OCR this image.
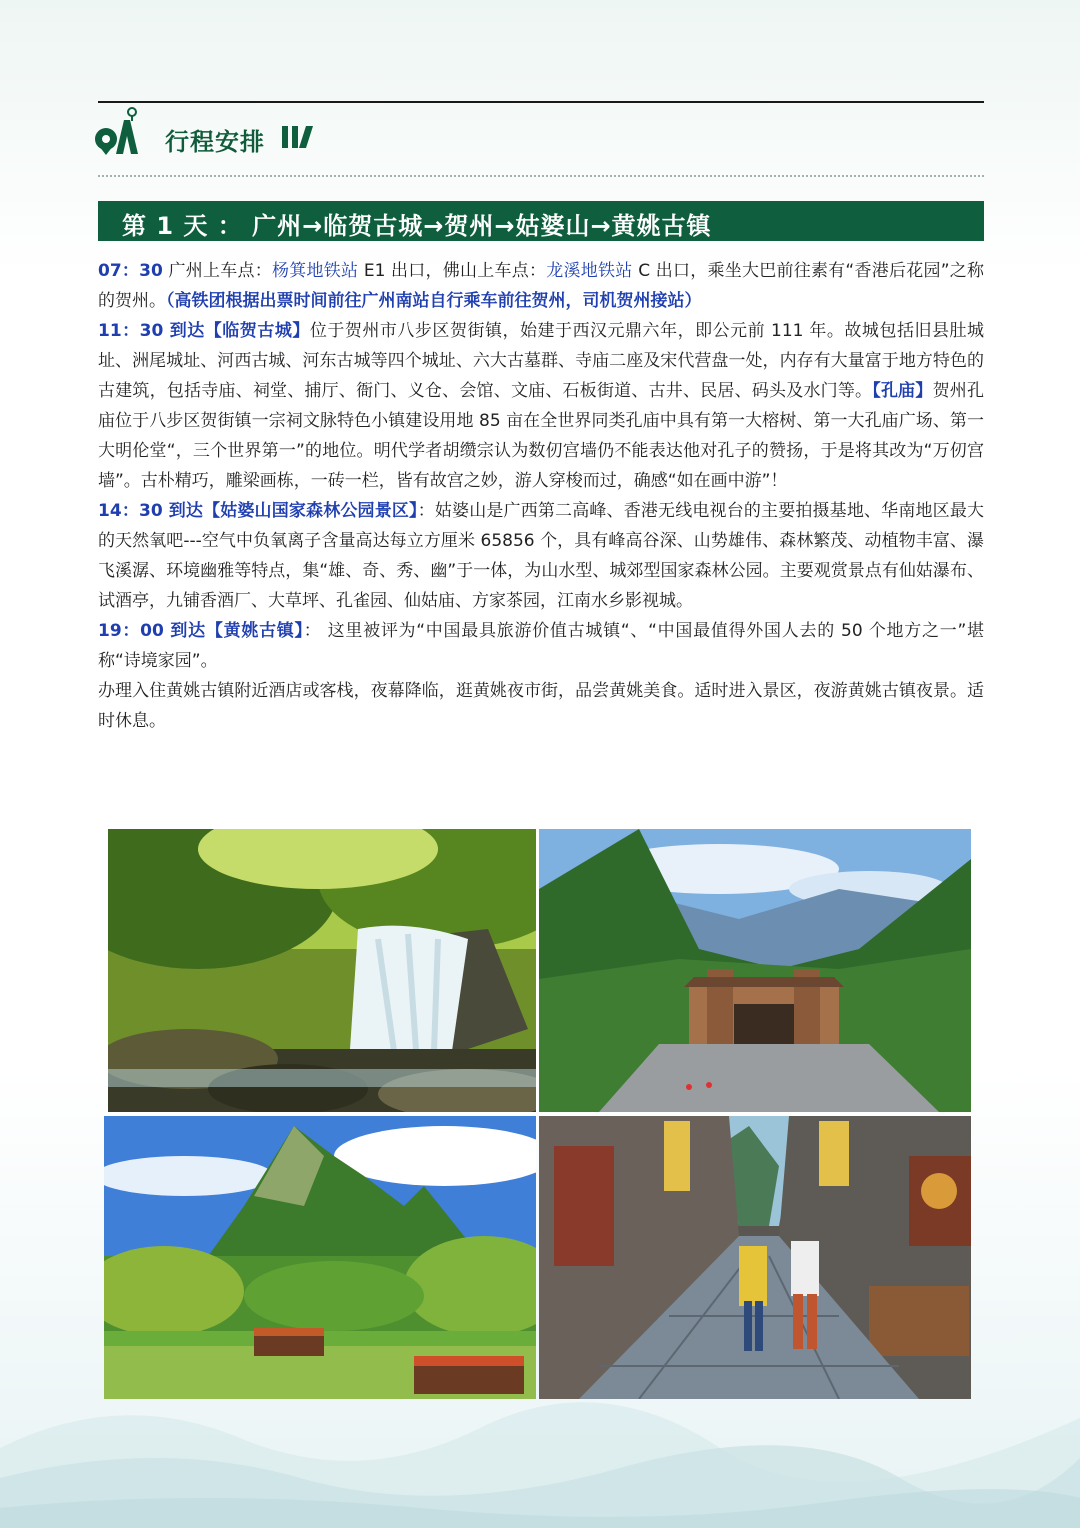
行程安排
第 1 天 ： 广州→临贺古城→贺州→姑婆山→黄姚古镇

07：30 广州上车点：杨箕地铁站 E1 出口，佛山上车点：龙溪地铁站 C 出口，乘坐大巴前往素有“香港后花园”之称的贺州。（高铁团根据出票时间前往广州南站自行乘车前往贺州，司机贺州接站）

11：30 到达【临贺古城】位于贺州市八步区贺街镇，始建于西汉元鼎六年，即公元前 111 年。故城包括旧县肚城址、洲尾城址、河西古城、河东古城等四个城址、六大古墓群、寺庙二座及宋代营盘一处，内存有大量富于地方特色的古建筑，包括寺庙、祠堂、捕厅、衙门、义仓、会馆、文庙、石板街道、古井、民居、码头及水门等。【孔庙】贺州孔庙位于八步区贺街镇一宗祠文脉特色小镇建设用地 85 亩在全世界同类孔庙中具有第一大榕树、第一大孔庙广场、第一大明伦堂“，三个世界第一”的地位。明代学者胡缵宗认为数仞宫墙仍不能表达他对孔子的赞扬，于是将其改为“万仞宫墙”。古朴精巧，雕梁画栋，一砖一栏，皆有故宫之妙，游人穿梭而过，确感“如在画中游”！

14：30 到达【姑婆山国家森林公园景区】：姑婆山是广西第二高峰、香港无线电视台的主要拍摄基地、华南地区最大的天然氧吧---空气中负氧离子含量高达每立方厘米 65856 个，具有峰高谷深、山势雄伟、森林繁茂、动植物丰富、瀑飞溪潺、环境幽雅等特点，集“雄、奇、秀、幽”于一体，为山水型、城郊型国家森林公园。主要观赏景点有仙姑瀑布、试酒亭，九铺香酒厂、大草坪、孔雀园、仙姑庙、方家茶园，江南水乡影视城。

19：00 到达【黄姚古镇】： 这里被评为“中国最具旅游价值古城镇“、“中国最值得外国人去的 50 个地方之一”堪称“诗境家园”。

办理入住黄姚古镇附近酒店或客栈，夜幕降临，逛黄姚夜市街，品尝黄姚美食。适时进入景区，夜游黄姚古镇夜景。适时休息。
